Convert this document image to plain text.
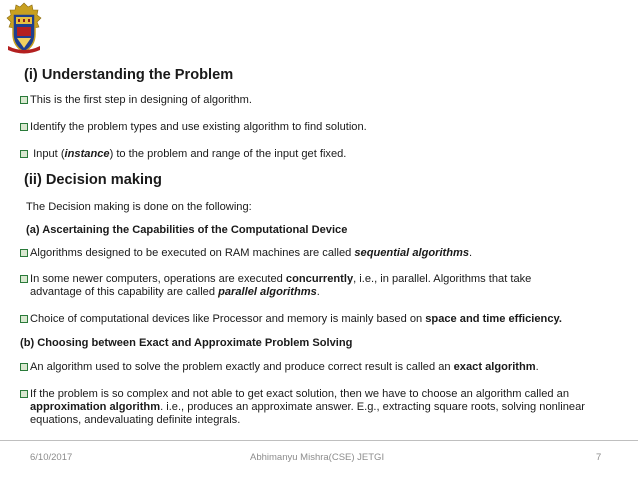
(i) Understanding the Problem
This is the first step in designing of algorithm.
Identify the problem types and use existing algorithm to find solution.
Input (instance) to the problem and range of the input get fixed.
(ii) Decision making
The Decision making is done on the following:
(a) Ascertaining the Capabilities of the Computational Device
Algorithms designed to be executed on RAM machines are called sequential algorithms.
In some newer computers, operations are executed concurrently, i.e., in parallel. Algorithms that take
advantage of this capability are called parallel algorithms.
Choice of computational devices like Processor and memory is mainly based on space and time efficiency.
(b) Choosing between Exact and Approximate Problem Solving
An algorithm used to solve the problem exactly and produce correct result is called an exact algorithm.
If the problem is so complex and not able to get exact solution, then we have to choose an algorithm called an
approximation algorithm. i.e., produces an approximate answer. E.g., extracting square roots, solving nonlinear
equations, andevaluating definite integrals.
6/10/2017	Abhimanyu Mishra(CSE) JETGI	7
